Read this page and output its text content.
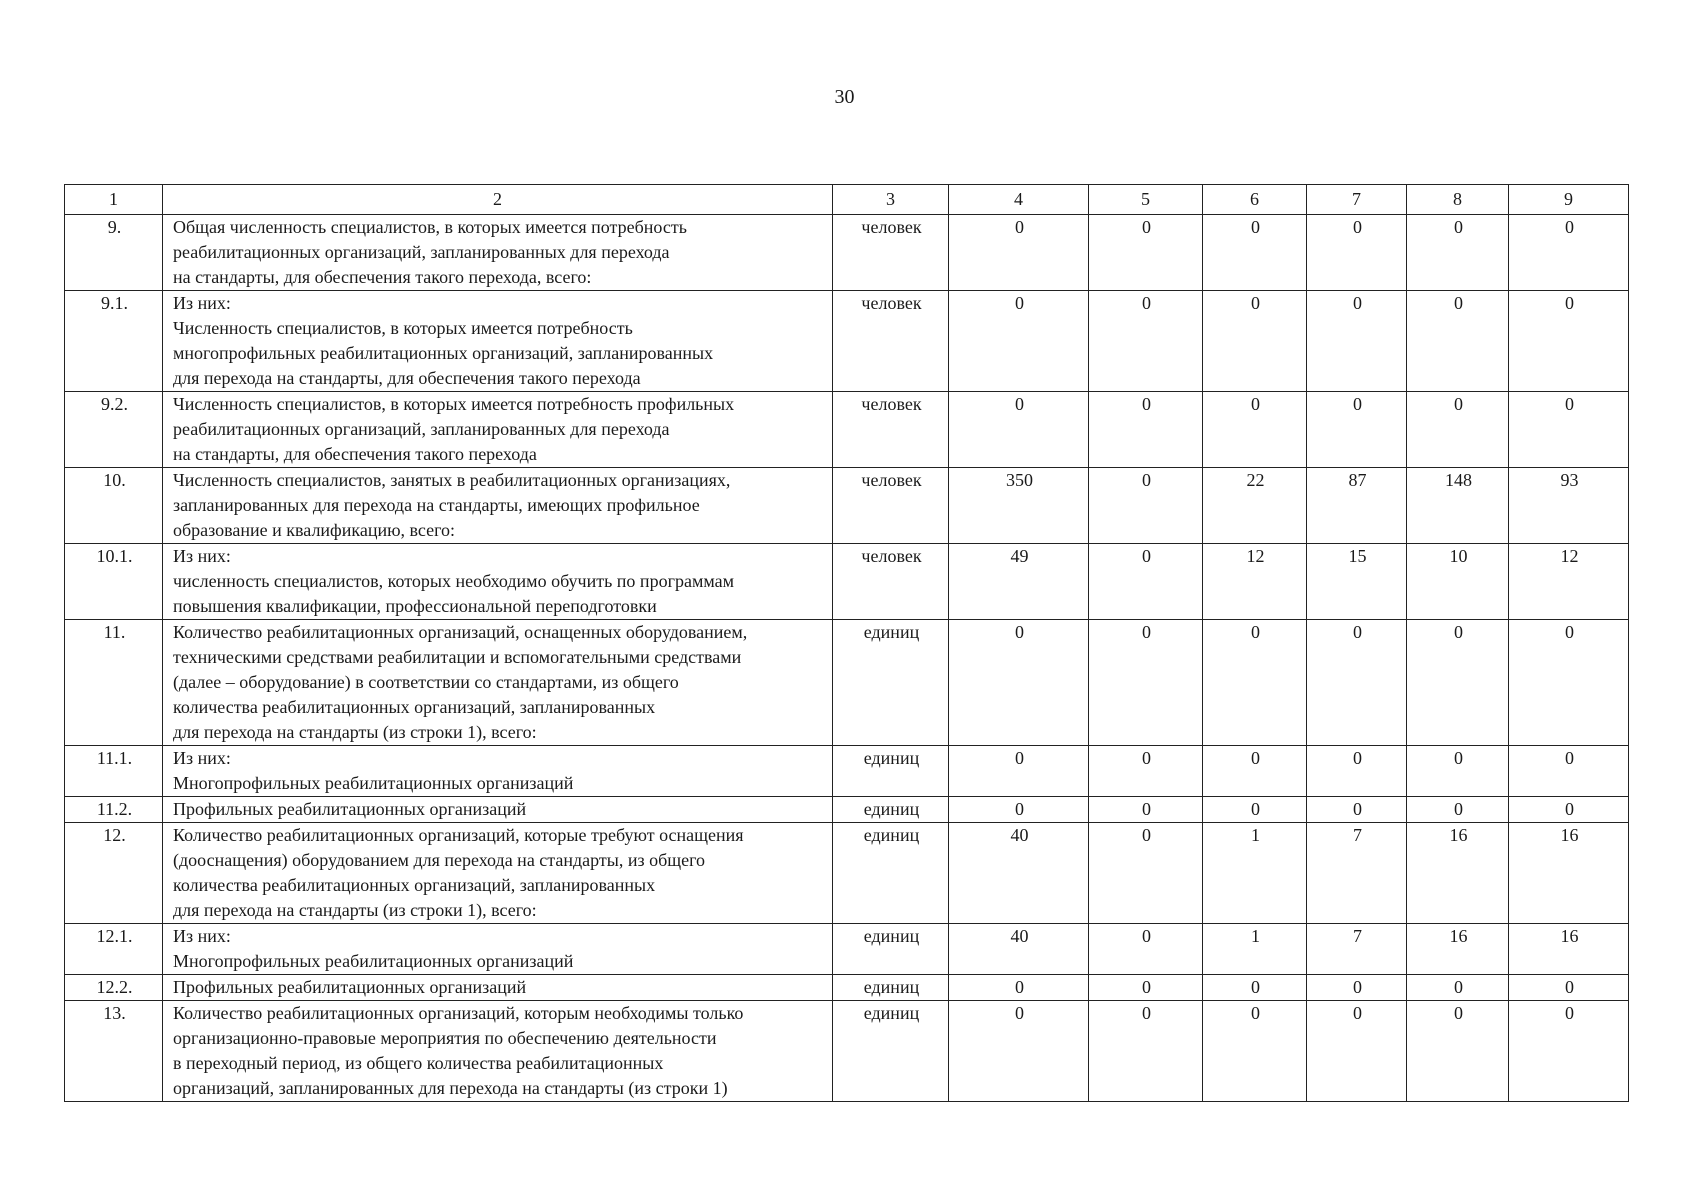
30
1	2	3	4	5	6	7	8	9
9.	Общая численность специалистов, в которых имеется потребность
реабилитационных организаций, запланированных для перехода
на стандарты, для обеспечения такого перехода, всего:	человек	0	0	0	0	0	0
9.1.	Из них:
Численность специалистов, в которых имеется потребность
многопрофильных реабилитационных организаций, запланированных
для перехода на стандарты, для обеспечения такого перехода	человек	0	0	0	0	0	0
9.2.	Численность специалистов, в которых имеется потребность профильных
реабилитационных организаций, запланированных для перехода
на стандарты, для обеспечения такого перехода	человек	0	0	0	0	0	0
10.	Численность специалистов, занятых в реабилитационных организациях,
запланированных для перехода на стандарты, имеющих профильное
образование и квалификацию, всего:	человек	350	0	22	87	148	93
10.1.	Из них:
численность специалистов, которых необходимо обучить по программам
повышения квалификации, профессиональной переподготовки	человек	49	0	12	15	10	12
11.	Количество реабилитационных организаций, оснащенных оборудованием,
техническими средствами реабилитации и вспомогательными средствами
(далее – оборудование) в соответствии со стандартами, из общего
количества реабилитационных организаций, запланированных
для перехода на стандарты (из строки 1), всего:	единиц	0	0	0	0	0	0
11.1.	Из них:
Многопрофильных реабилитационных организаций	единиц	0	0	0	0	0	0
11.2.	Профильных реабилитационных организаций	единиц	0	0	0	0	0	0
12.	Количество реабилитационных организаций, которые требуют оснащения
(дооснащения) оборудованием для перехода на стандарты, из общего
количества реабилитационных организаций, запланированных
для перехода на стандарты (из строки 1), всего:	единиц	40	0	1	7	16	16
12.1.	Из них:
Многопрофильных реабилитационных организаций	единиц	40	0	1	7	16	16
12.2.	Профильных реабилитационных организаций	единиц	0	0	0	0	0	0
13.	Количество реабилитационных организаций, которым необходимы только
организационно-правовые мероприятия по обеспечению деятельности
в переходный период, из общего количества реабилитационных
организаций, запланированных для перехода на стандарты (из строки 1)	единиц	0	0	0	0	0	0
